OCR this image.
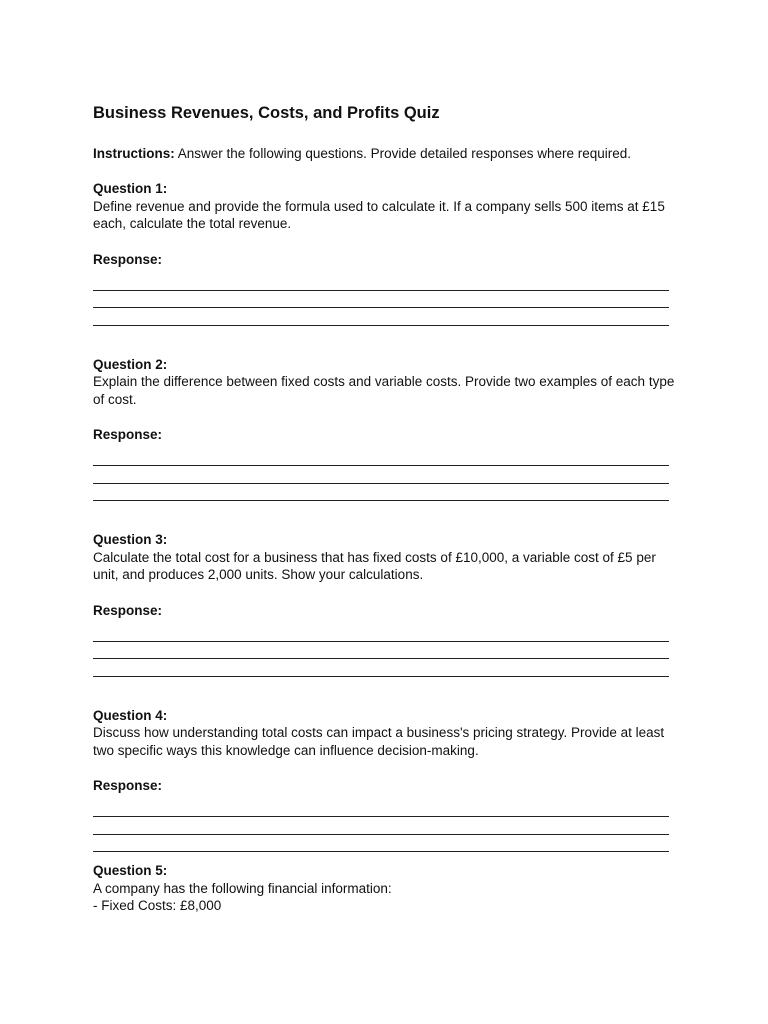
Business Revenues, Costs, and Profits Quiz
Instructions: Answer the following questions. Provide detailed responses where required.
Question 1:
Define revenue and provide the formula used to calculate it. If a company sells 500 items at £15 each, calculate the total revenue.
Response:
Question 2:
Explain the difference between fixed costs and variable costs. Provide two examples of each type of cost.
Response:
Question 3:
Calculate the total cost for a business that has fixed costs of £10,000, a variable cost of £5 per unit, and produces 2,000 units. Show your calculations.
Response:
Question 4:
Discuss how understanding total costs can impact a business's pricing strategy. Provide at least two specific ways this knowledge can influence decision-making.
Response:
Question 5:
A company has the following financial information:
- Fixed Costs: £8,000
